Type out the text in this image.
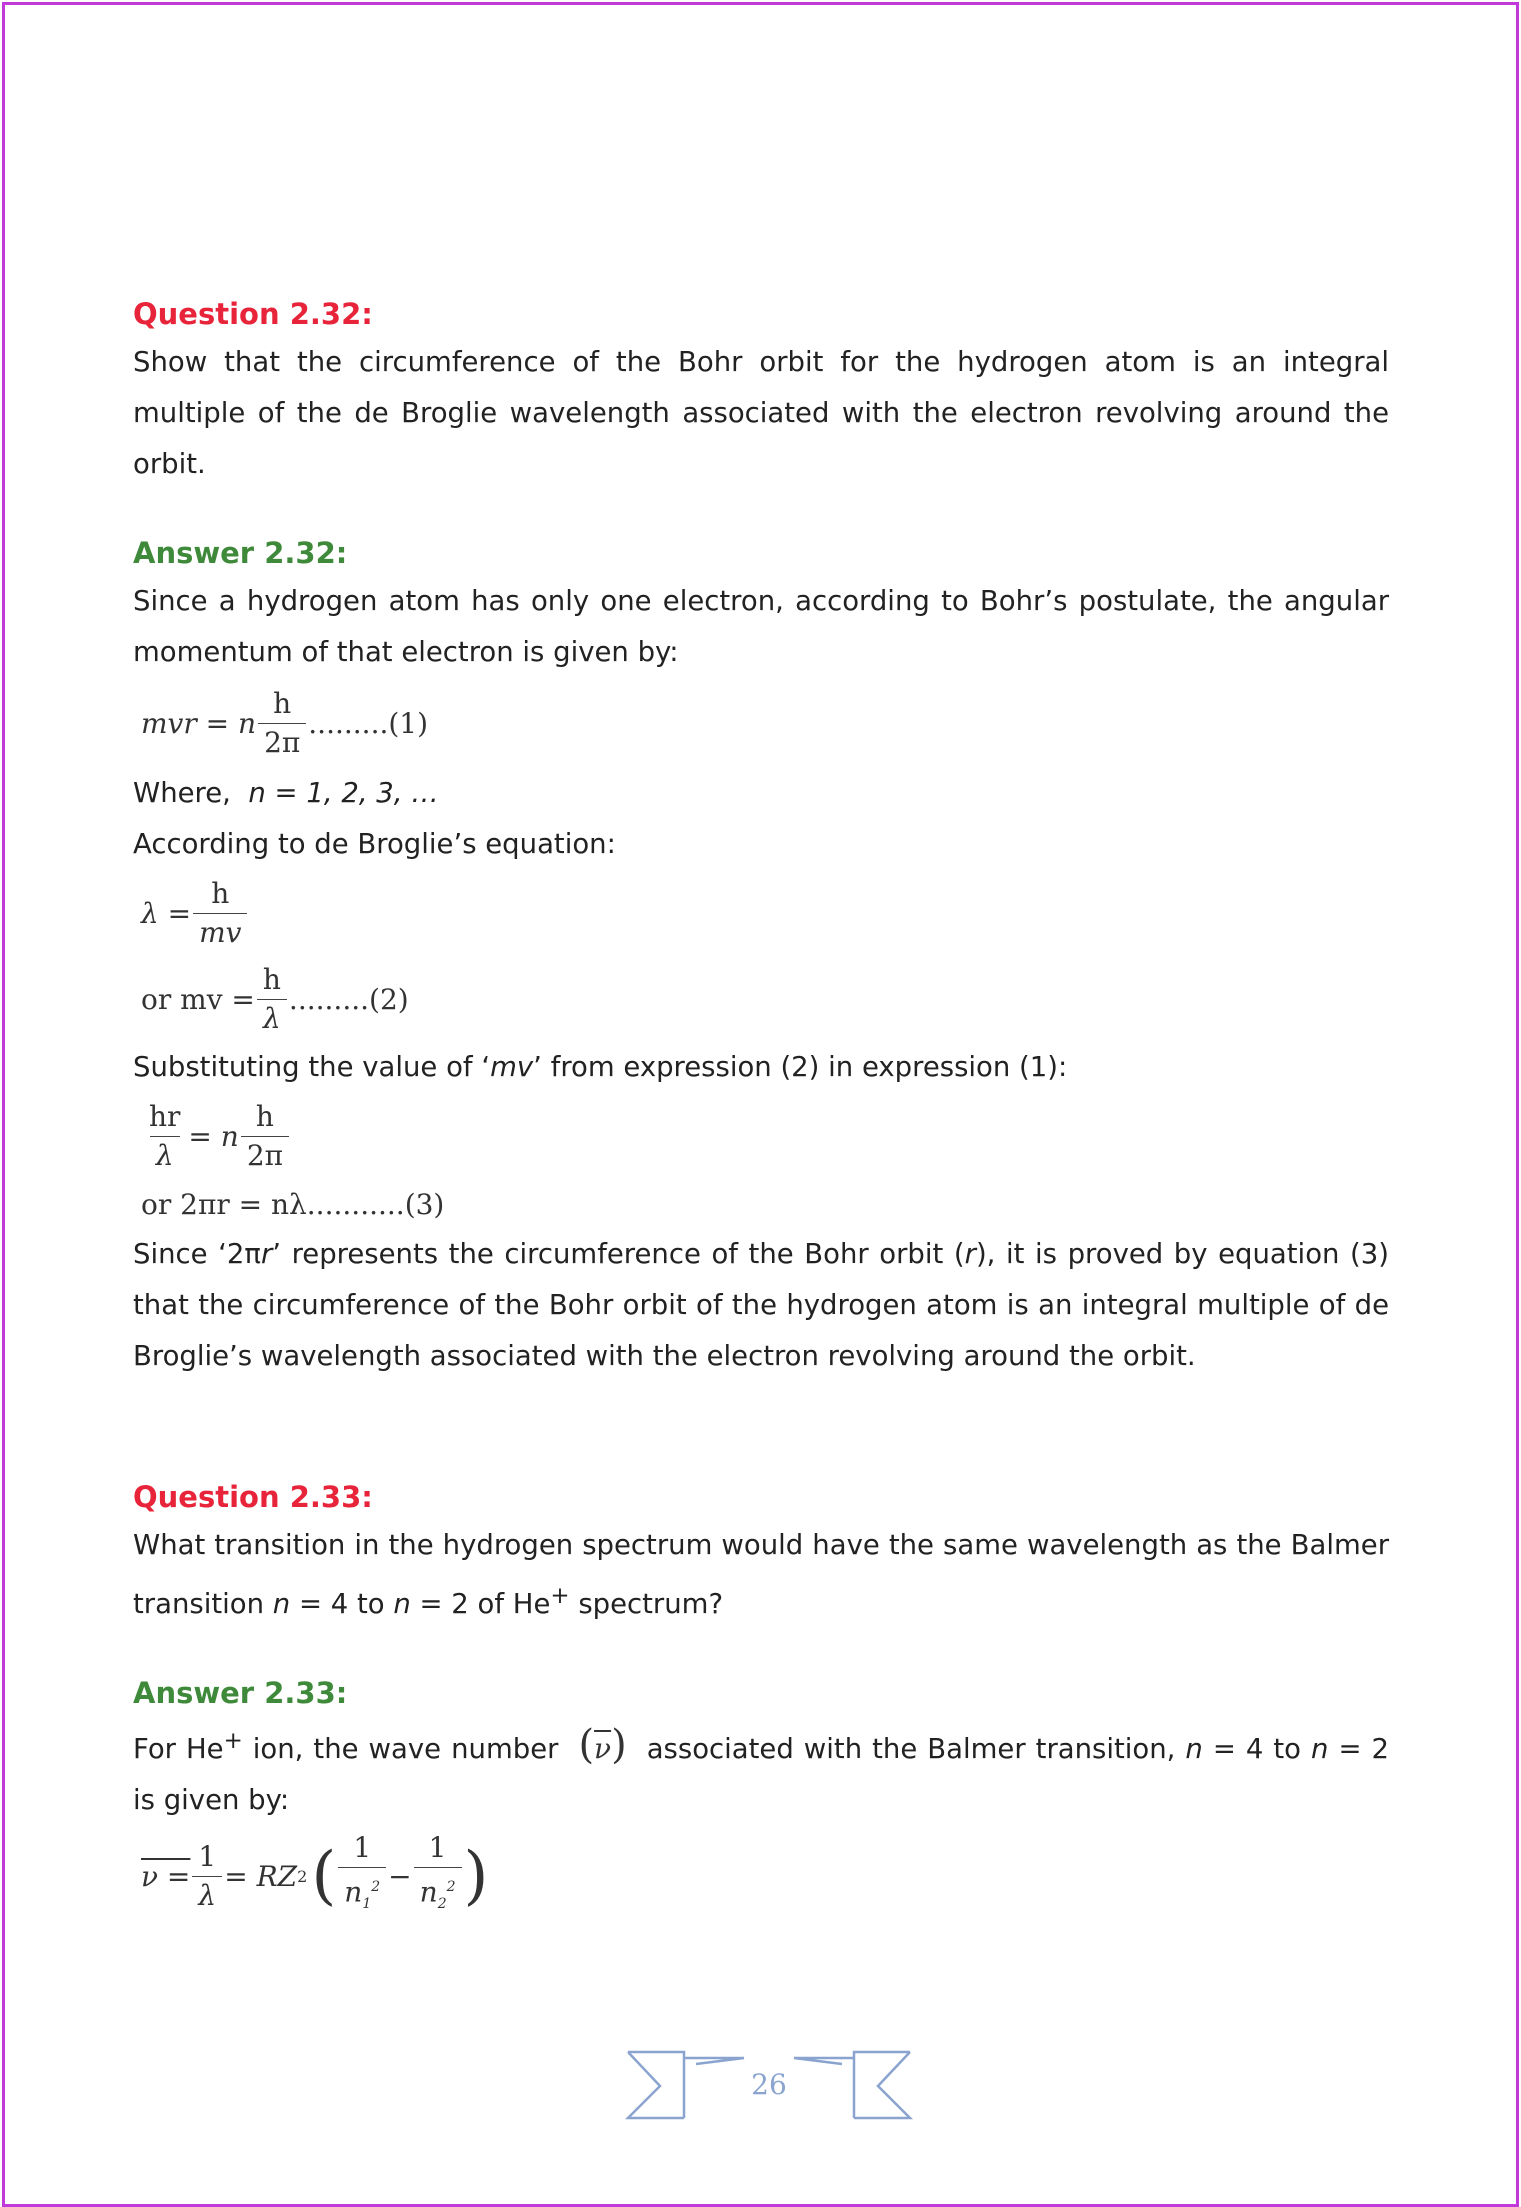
Question 2.32:

Show that the circumference of the Bohr orbit for the hydrogen atom is an integral multiple of the de Broglie wavelength associated with the electron revolving around the orbit.

Answer 2.32:

Since a hydrogen atom has only one electron, according to Bohr’s postulate, the angular momentum of that electron is given by:

mvr = n $\frac{h}{2\pi} .........(1)$

Where, n = 1, 2, 3, …

According to de Broglie’s equation:

$\lambda = \frac{h}{mv}$
or mv = $\frac{h}{\lambda} .........(2)$

Substituting the value of ‘mv’ from expression (2) in expression (1):

$\frac{hr}{\lambda} = n \frac{h}{2\pi}$
or 2πr = nλ...........(3)

Since ‘2πr’ represents the circumference of the Bohr orbit (r), it is proved by equation (3) that the circumference of the Bohr orbit of the hydrogen atom is an integral multiple of de Broglie’s wavelength associated with the electron revolving around the orbit.

Question 2.33:

What transition in the hydrogen spectrum would have the same wavelength as the Balmer transition n = 4 to n = 2 of He+ spectrum?

Answer 2.33:

For He+ ion, the wave number  $(\overline{\nu})$  associated with the Balmer transition, n = 4 to n = 2 is given by:

$\nu = \frac{1}{\lambda}$ = RZ 2 ( $\frac{1}{n_1^2} - \frac{1}{n_2^2}$ )
26
